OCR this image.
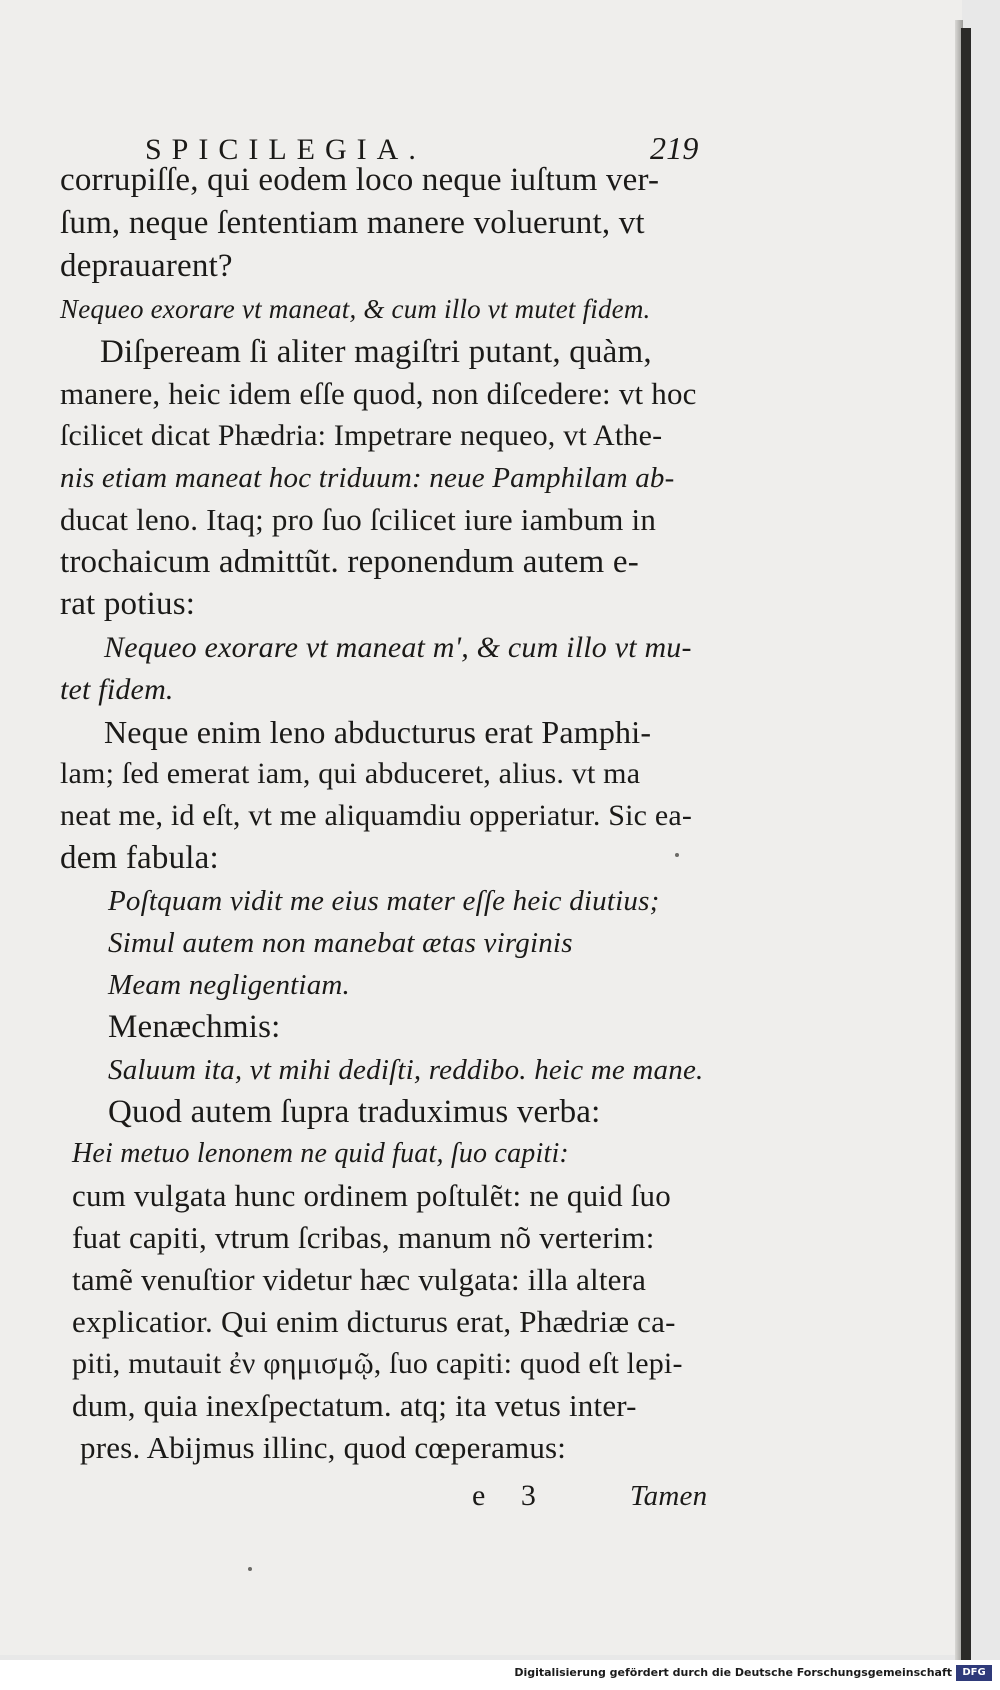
SPICILEGIA.	219
corrupiſſe, qui eodem loco neque iuſtum ver-
ſum, neque ſententiam manere voluerunt, vt
deprauarent?
Nequeo exorare vt maneat, & cum illo vt mutet fidem.
Diſpeream ſi aliter magiſtri putant, quàm,
manere, heic idem eſſe quod, non diſcedere: vt hoc
ſcilicet dicat Phædria: Impetrare nequeo, vt Athe-
nis etiam maneat hoc triduum: neue Pamphilam ab-
ducat leno. Itaq; pro ſuo ſcilicet iure iambum in
trochaicum admittũt. reponendum autem e-
rat potius:
Nequeo exorare vt maneat m', & cum illo vt mu-
tet fidem.
Neque enim leno abducturus erat Pamphi-
lam; ſed emerat iam, qui abduceret, alius. vt ma
neat me, id eſt, vt me aliquamdiu opperiatur. Sic ea-
dem fabula:
Poſtquam vidit me eius mater eſſe heic diutius;
Simul autem non manebat ætas virginis
Meam negligentiam.
Menæchmis:
Saluum ita, vt mihi dediſti, reddibo. heic me mane.
Quod autem ſupra traduximus verba:
Hei metuo lenonem ne quid fuat, ſuo capiti:
cum vulgata hunc ordinem poſtulẽt: ne quid ſuo
fuat capiti, vtrum ſcribas, manum nõ verterim:
tamẽ venuſtior videtur hæc vulgata: illa altera
explicatior. Qui enim dicturus erat, Phædriæ ca-
piti, mutauit ἐν φημισμῷ, ſuo capiti: quod eſt lepi-
dum, quia inexſpectatum. atq; ita vetus inter-
pres. Abijmus illinc, quod cœperamus:
e 3	Tamen
Digitalisierung gefördert durch die Deutsche Forschungsgemeinschaft	DFG
